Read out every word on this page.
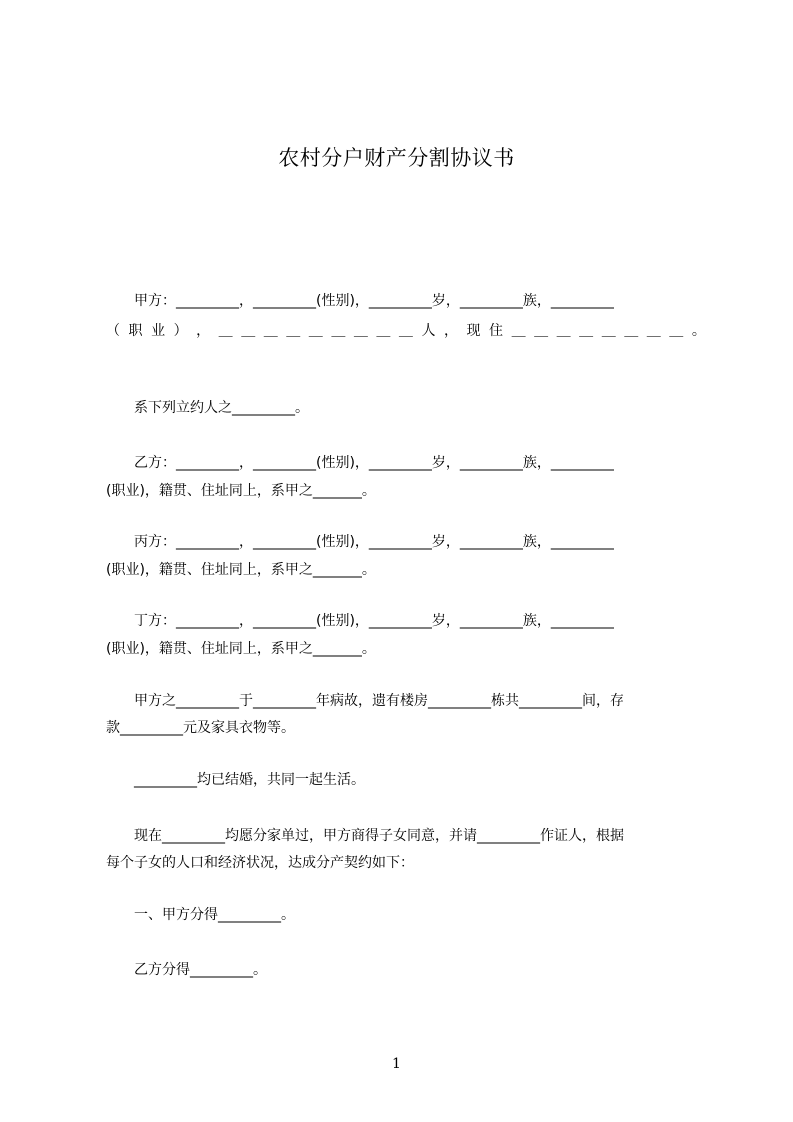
农村分户财产分割协议书
　　甲方：_________，_________(性别)，_________岁，_________族，_________
（ 职 业 ） ， ＿ ＿ ＿ ＿ ＿ ＿ ＿ ＿ ＿ 人 ， 现 住 ＿ ＿ ＿ ＿ ＿ ＿ ＿ ＿ 。
　　系下列立约人之_________。
　　乙方：_________，_________(性别)，_________岁，_________族，_________
(职业)，籍贯、住址同上，系甲之_______。
　　丙方：_________，_________(性别)，_________岁，_________族，_________
(职业)，籍贯、住址同上，系甲之_______。
　　丁方：_________，_________(性别)，_________岁，_________族，_________
(职业)，籍贯、住址同上，系甲之_______。
　　甲方之_________于_________年病故，遗有楼房_________栋共_________间，存
款_________元及家具衣物等。
　　_________均已结婚，共同一起生活。
　　现在_________均愿分家单过，甲方商得子女同意，并请_________作证人，根据
每个子女的人口和经济状况，达成分产契约如下：
　　一、甲方分得_________。
　　乙方分得_________。
1
